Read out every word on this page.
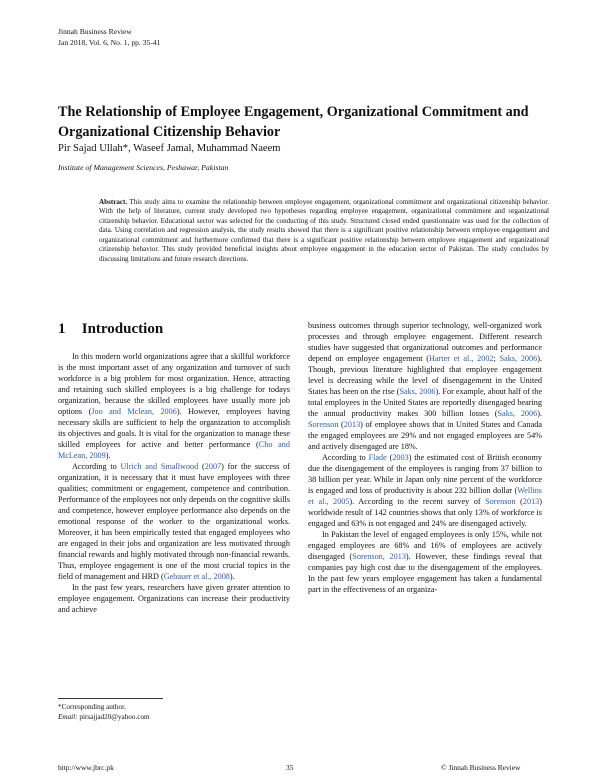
Jinnah Business Review
Jan 2018, Vol. 6, No. 1, pp. 35-41
The Relationship of Employee Engagement, Organizational Commitment and Organizational Citizenship Behavior
Pir Sajad Ullah*, Waseef Jamal, Muhammad Naeem
Institute of Management Sciences, Peshawar, Pakistan
Abstract. This study aims to examine the relationship between employee engagement, organizational commitment and organizational citizenship behavior. With the help of literature, current study developed two hypotheses regarding employee engagement, organizational commitment and organizational citizenship behavior. Educational sector was selected for the conducting of this study. Structured closed ended questionnaire was used for the collection of data. Using correlation and regression analysis, the study results showed that there is a significant positive relationship between employee engagement and organizational commitment and furthermore confirmed that there is a significant positive relationship between employee engagement and organizational citizenship behavior. This study provided beneficial insights about employee engagement in the education sector of Pakistan. The study concludes by discussing limitations and future research directions.
1 Introduction

In this modern world organizations agree that a skillful workforce is the most important asset of any organization and turnover of such workforce is a big problem for most organization. Hence, attracting and retaining such skilled employees is a big challenge for todays organization, because the skilled employees have usually more job options (Joo and Mclean, 2006). However, employees having necessary skills are sufficient to help the organization to accomplish its objectives and goals. It is vital for the organization to manage these skilled employees for active and better performance (Cho and McLean, 2009).

According to Ulrich and Smallwood (2007) for the success of organization, it is necessary that it must have employees with three qualities; commitment or engagement, competence and contribution. Performance of the employees not only depends on the cognitive skills and competence, however employee performance also depends on the emotional response of the worker to the organizational works. Moreover, it has been empirically tested that engaged employees who are engaged in their jobs and organization are less motivated through financial rewards and highly motivated through non-financial rewards. Thus, employee engagement is one of the most crucial topics in the field of management and HRD (Gebauer et al., 2008).

In the past few years, researchers have given greater attention to employee engagement. Organizations can increase their productivity and achieve

business outcomes through superior technology, well-organized work processes and through employee engagement. Different research studies have suggested that organizational outcomes and performance depend on employee engagement (Harter et al., 2002; Saks, 2006). Though, previous literature highlighted that employee engagement level is decreasing while the level of disengagement in the United States has been on the rise (Saks, 2006). For example, about half of the total employees in the United States are reportedly disengaged bearing the annual productivity makes 300 billion losses (Saks, 2006). Sorenson (2013) of employee shows that in United States and Canada the engaged employees are 29% and not engaged employees are 54% and actively disengaged are 18%.

According to Flade (2003) the estimated cost of British economy due the disengagement of the employees is ranging from 37 billion to 38 billion per year. While in Japan only nine percent of the workforce is engaged and loss of productivity is about 232 billion dollar (Wellins et al., 2005). According to the recent survey of Sorenson (2013) worldwide result of 142 countries shows that only 13% of workforce is engaged and 63% is not engaged and 24% are disengaged actively.

In Pakistan the level of engaged employees is only 15%, while not engaged employees are 68% and 16% of employees are actively disengaged (Sorenson, 2013). However, these findings reveal that companies pay high cost due to the disengagement of the employees. In the past few years employee engagement has taken a fundamental part in the effectiveness of an organiza-

*Corresponding author.
Email: pirsajjad20@yahoo.com
http://www.jbrc.pk	35	© Jinnah Business Review
